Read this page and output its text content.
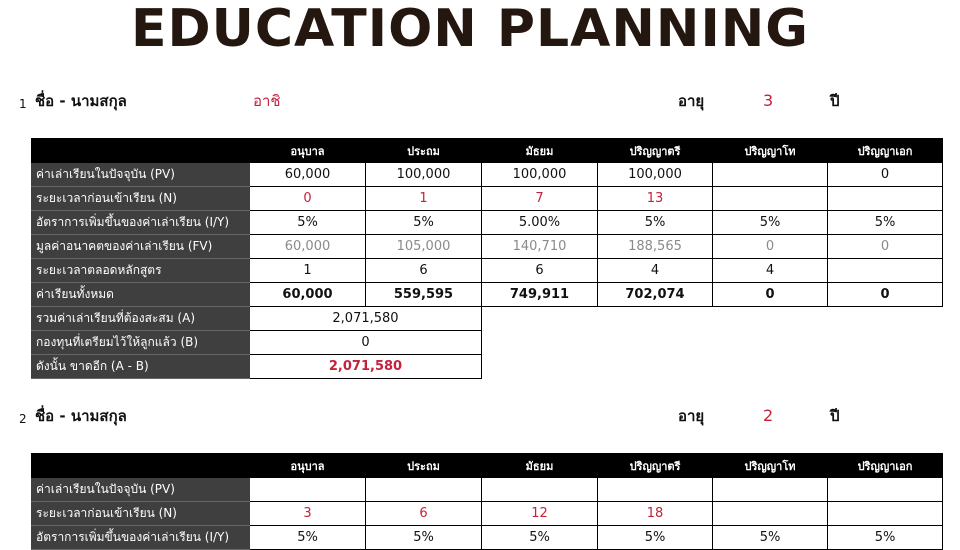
EDUCATION PLANNING
1 ชื่อ - นามสกุล	อาชิ	อายุ	3	ปี
	อนุบาล	ประถม	มัธยม	ปริญญาตรี	ปริญญาโท	ปริญญาเอก
ค่าเล่าเรียนในปัจจุบัน (PV)	60,000	100,000	100,000	100,000		0
ระยะเวลาก่อนเข้าเรียน (N)	0	1	7	13		
อัตราการเพิ่มขึ้นของค่าเล่าเรียน (I/Y)	5%	5%	5.00%	5%	5%	5%
มูลค่าอนาคตของค่าเล่าเรียน (FV)	60,000	105,000	140,710	188,565	0	0
ระยะเวลาตลอดหลักสูตร	1	6	6	4	4	
ค่าเรียนทั้งหมด	60,000	559,595	749,911	702,074	0	0
รวมค่าเล่าเรียนที่ต้องสะสม (A)	2,071,580					
กองทุนที่เตรียมไว้ให้ลูกแล้ว (B)	0					
ดังนั้น ขาดอีก (A - B)	2,071,580					
2 ชื่อ - นามสกุล	อายุ	2	ปี
	อนุบาล	ประถม	มัธยม	ปริญญาตรี	ปริญญาโท	ปริญญาเอก
ค่าเล่าเรียนในปัจจุบัน (PV)						
ระยะเวลาก่อนเข้าเรียน (N)	3	6	12	18		
อัตราการเพิ่มขึ้นของค่าเล่าเรียน (I/Y)	5%	5%	5%	5%	5%	5%
